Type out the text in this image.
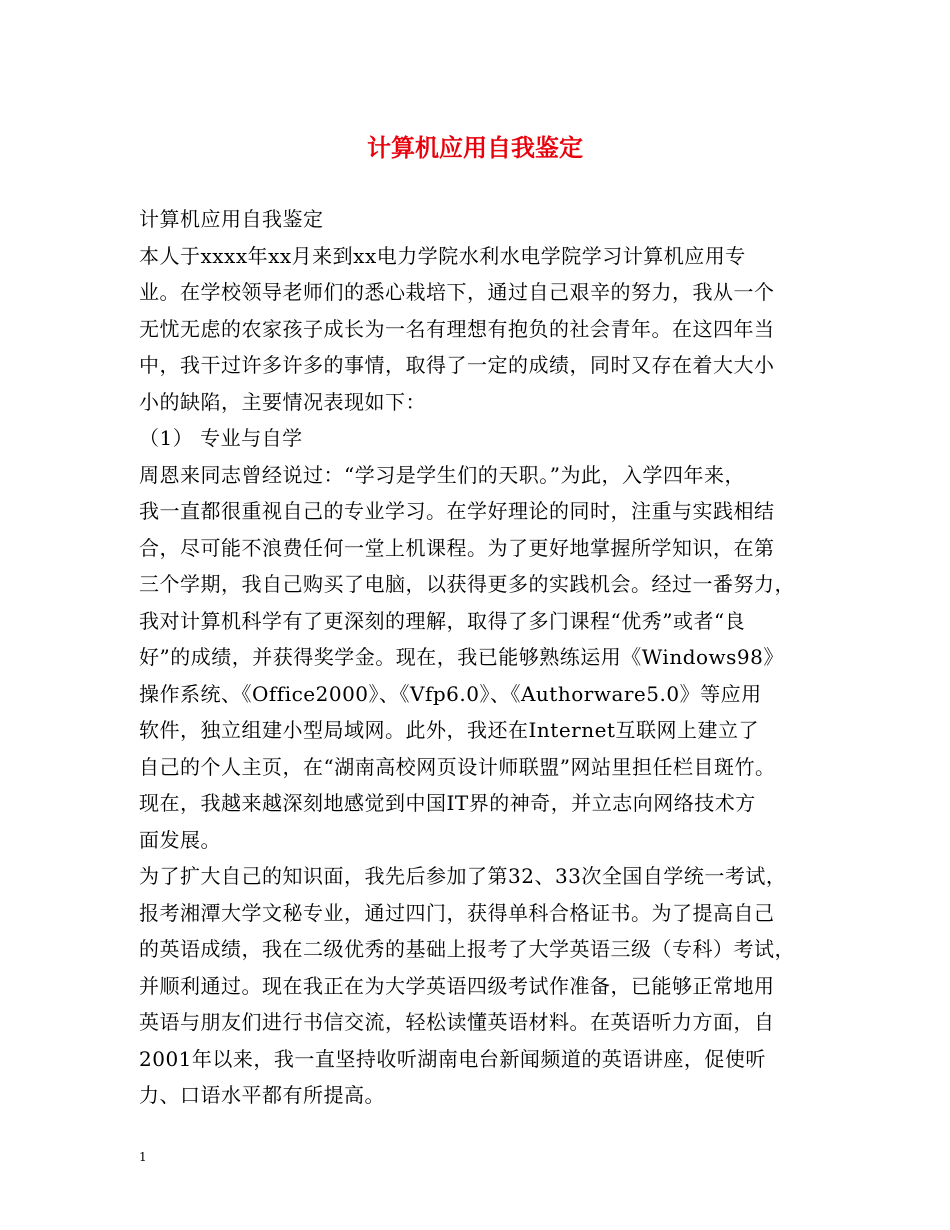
计算机应用自我鉴定
计算机应用自我鉴定
本人于xxxx年xx月来到xx电力学院水利水电学院学习计算机应用专
业。在学校领导老师们的悉心栽培下，通过自己艰辛的努力，我从一个
无忧无虑的农家孩子成长为一名有理想有抱负的社会青年。在这四年当
中，我干过许多许多的事情，取得了一定的成绩，同时又存在着大大小
小的缺陷，主要情况表现如下：
（1） 专业与自学
周恩来同志曾经说过：“学习是学生们的天职。”为此，入学四年来，
我一直都很重视自己的专业学习。在学好理论的同时，注重与实践相结
合，尽可能不浪费任何一堂上机课程。为了更好地掌握所学知识，在第
三个学期，我自己购买了电脑，以获得更多的实践机会。经过一番努力，
我对计算机科学有了更深刻的理解，取得了多门课程“优秀”或者“良
好”的成绩，并获得奖学金。现在，我已能够熟练运用《Windows98》
操作系统、《Office2000》、《Vfp6.0》、《Authorware5.0》等应用
软件，独立组建小型局域网。此外，我还在Internet互联网上建立了
自己的个人主页，在“湖南高校网页设计师联盟”网站里担任栏目斑竹。
现在，我越来越深刻地感觉到中国IT界的神奇，并立志向网络技术方
面发展。
为了扩大自己的知识面，我先后参加了第32、33次全国自学统一考试，
报考湘潭大学文秘专业，通过四门，获得单科合格证书。为了提高自己
的英语成绩，我在二级优秀的基础上报考了大学英语三级（专科）考试，
并顺利通过。现在我正在为大学英语四级考试作准备，已能够正常地用
英语与朋友们进行书信交流，轻松读懂英语材料。在英语听力方面，自
2001年以来，我一直坚持收听湖南电台新闻频道的英语讲座，促使听
力、口语水平都有所提高。
1
